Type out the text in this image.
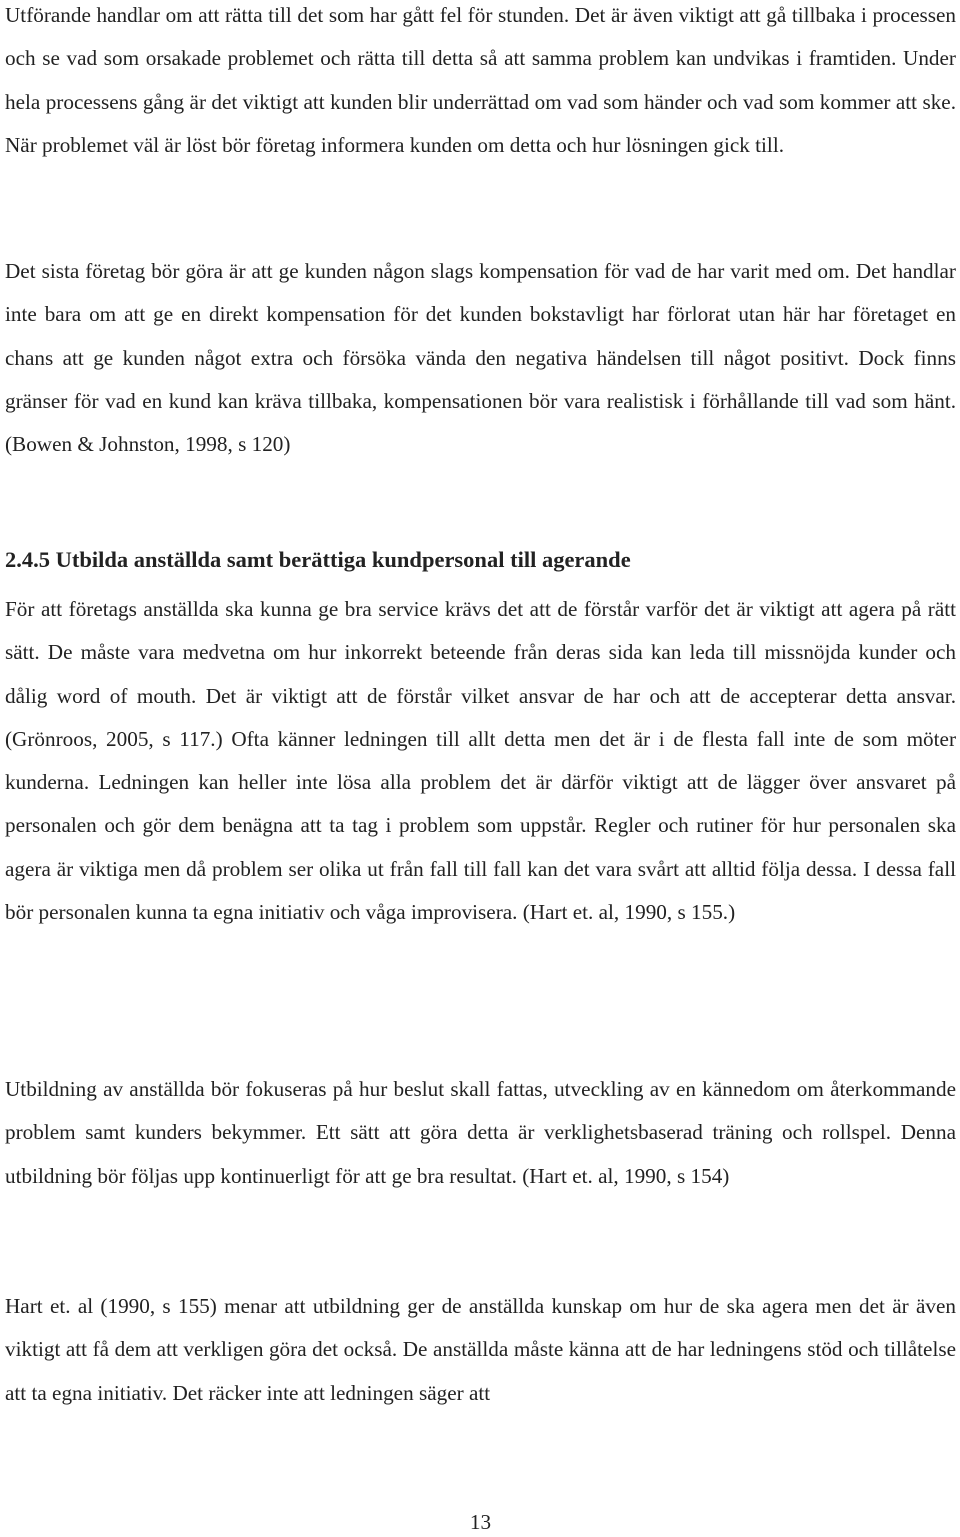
Utförande handlar om att rätta till det som har gått fel för stunden. Det är även viktigt att gå tillbaka i processen och se vad som orsakade problemet och rätta till detta så att samma problem kan undvikas i framtiden. Under hela processens gång är det viktigt att kunden blir underrättad om vad som händer och vad som kommer att ske. När problemet väl är löst bör företag informera kunden om detta och hur lösningen gick till.

Det sista företag bör göra är att ge kunden någon slags kompensation för vad de har varit med om. Det handlar inte bara om att ge en direkt kompensation för det kunden bokstavligt har förlorat utan här har företaget en chans att ge kunden något extra och försöka vända den negativa händelsen till något positivt. Dock finns gränser för vad en kund kan kräva tillbaka, kompensationen bör vara realistisk i förhållande till vad som hänt. (Bowen & Johnston, 1998, s 120)

2.4.5 Utbilda anställda samt berättiga kundpersonal till agerande

För att företags anställda ska kunna ge bra service krävs det att de förstår varför det är viktigt att agera på rätt sätt. De måste vara medvetna om hur inkorrekt beteende från deras sida kan leda till missnöjda kunder och dålig word of mouth. Det är viktigt att de förstår vilket ansvar de har och att de accepterar detta ansvar. (Grönroos, 2005, s 117.) Ofta känner ledningen till allt detta men det är i de flesta fall inte de som möter kunderna. Ledningen kan heller inte lösa alla problem det är därför viktigt att de lägger över ansvaret på personalen och gör dem benägna att ta tag i problem som uppstår. Regler och rutiner för hur personalen ska agera är viktiga men då problem ser olika ut från fall till fall kan det vara svårt att alltid följa dessa. I dessa fall bör personalen kunna ta egna initiativ och våga improvisera. (Hart et. al, 1990, s 155.)

Utbildning av anställda bör fokuseras på hur beslut skall fattas, utveckling av en kännedom om återkommande problem samt kunders bekymmer. Ett sätt att göra detta är verklighetsbaserad träning och rollspel. Denna utbildning bör följas upp kontinuerligt för att ge bra resultat. (Hart et. al, 1990, s 154)

Hart et. al (1990, s 155) menar att utbildning ger de anställda kunskap om hur de ska agera men det är även viktigt att få dem att verkligen göra det också. De anställda måste känna att de har ledningens stöd och tillåtelse att ta egna initiativ. Det räcker inte att ledningen säger att

13
